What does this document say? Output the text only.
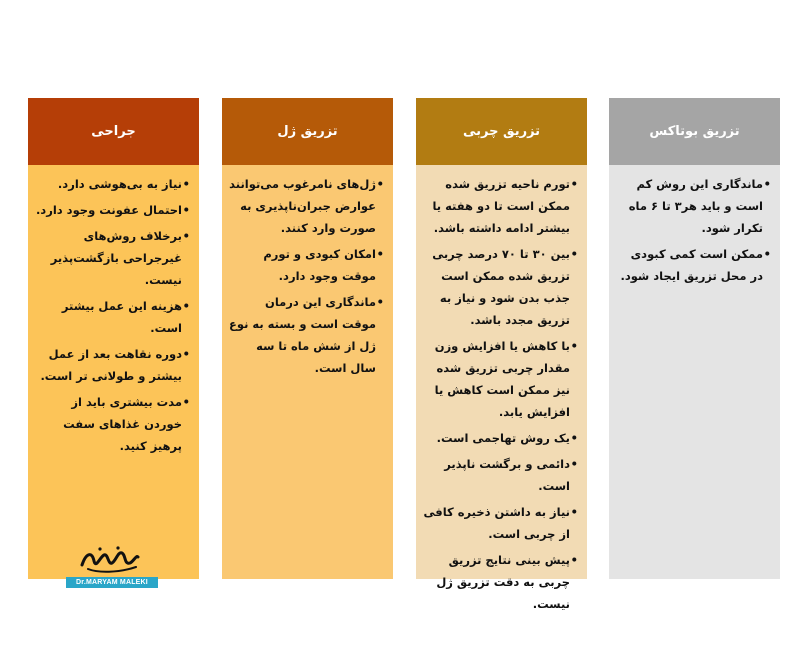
جراحی
• نیاز به بی‌هوشی دارد.
• احتمال عفونت وجود دارد.
• برخلاف روش‌های غیرجراحی بازگشت‌پذیر نیست.
• هزینه این عمل بیشتر است.
• دوره نقاهت بعد از عمل بیشتر و طولانی تر است.
• مدت بیشتری باید از خوردن غذاهای سفت پرهیز کنید.
تزریق ژل
• ژل‌های نامرغوب می‌توانند عوارض جبران‌ناپذیری به صورت وارد کنند.
• امکان کبودی و تورم موقت وجود دارد.
• ماندگاری این درمان موقت است و بسته به نوع ژل از شش ماه تا سه سال است.
تزریق چربی
• تورم ناحیه تزریق شده ممکن است تا دو هفته یا بیشتر ادامه داشته باشد.
• بین ۳۰ تا ۷۰ درصد چربی تزریق شده ممکن است جذب بدن شود و نیاز به تزریق مجدد باشد.
• با کاهش یا افزایش وزن مقدار چربی تزریق شده نیز ممکن است کاهش یا افزایش یابد.
• یک روش تهاجمی است.
• دائمی و برگشت ناپذیر است.
• نیاز به داشتن ذخیره کافی از چربی است.
• پیش بینی نتایج تزریق چربی به دقت تزریق ژل نیست.
تزریق بوتاکس
• ماندگاری این روش کم است و باید هر۳ تا ۶ ماه تکرار شود.
• ممکن است کمی کبودی در محل تزریق ایجاد شود.
Dr.MARYAM MALEKI
